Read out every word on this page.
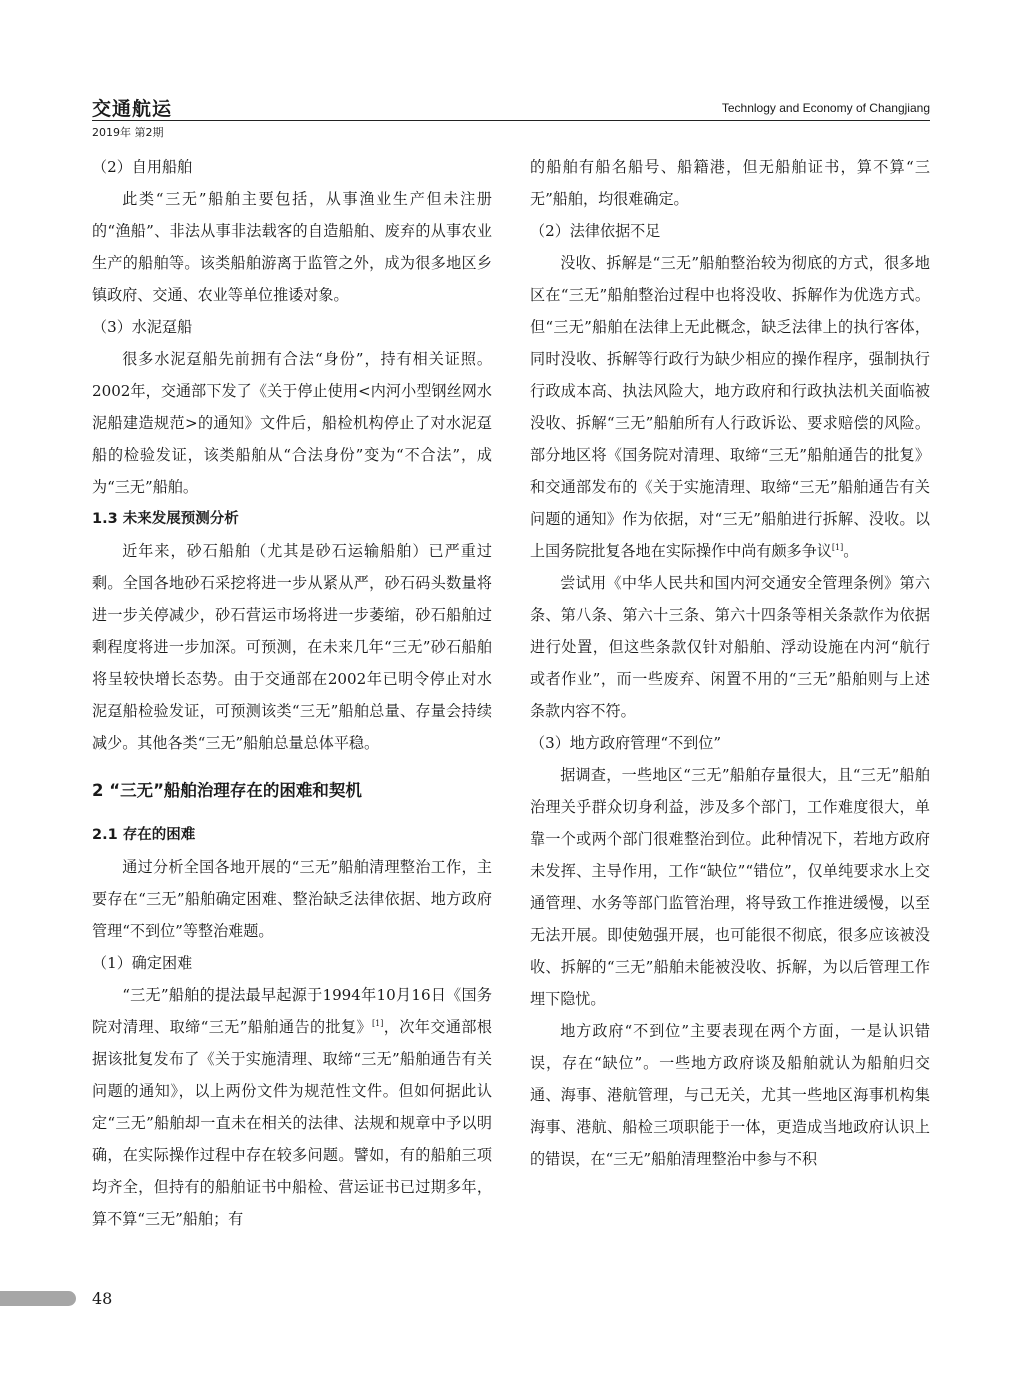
交通航运	Technlogy and Economy of Changjiang
2019年 第2期

（2）自用船舶

此类“三无”船舶主要包括，从事渔业生产但未注册的“渔船”、非法从事非法载客的自造船舶、废弃的从事农业生产的船舶等。该类船舶游离于监管之外，成为很多地区乡镇政府、交通、农业等单位推诿对象。

（3）水泥趸船

很多水泥趸船先前拥有合法“身份”，持有相关证照。2002年，交通部下发了《关于停止使用<内河小型钢丝网水泥船建造规范>的通知》文件后，船检机构停止了对水泥趸船的检验发证，该类船舶从“合法身份”变为“不合法”，成为“三无”船舶。

1.3 未来发展预测分析

近年来，砂石船舶（尤其是砂石运输船舶）已严重过剩。全国各地砂石采挖将进一步从紧从严，砂石码头数量将进一步关停减少，砂石营运市场将进一步萎缩，砂石船舶过剩程度将进一步加深。可预测，在未来几年“三无”砂石船舶将呈较快增长态势。由于交通部在2002年已明令停止对水泥趸船检验发证，可预测该类“三无”船舶总量、存量会持续减少。其他各类“三无”船舶总量总体平稳。

2 “三无”船舶治理存在的困难和契机

2.1 存在的困难

通过分析全国各地开展的“三无”船舶清理整治工作，主要存在“三无”船舶确定困难、整治缺乏法律依据、地方政府管理“不到位”等整治难题。

（1）确定困难

“三无”船舶的提法最早起源于1994年10月16日《国务院对清理、取缔“三无”船舶通告的批复》[1]，次年交通部根据该批复发布了《关于实施清理、取缔“三无”船舶通告有关问题的通知》，以上两份文件为规范性文件。但如何据此认定“三无”船舶却一直未在相关的法律、法规和规章中予以明确，在实际操作过程中存在较多问题。譬如，有的船舶三项均齐全，但持有的船舶证书中船检、营运证书已过期多年，算不算“三无”船舶；有

的船舶有船名船号、船籍港，但无船舶证书，算不算“三无”船舶，均很难确定。

（2）法律依据不足

没收、拆解是“三无”船舶整治较为彻底的方式，很多地区在“三无”船舶整治过程中也将没收、拆解作为优选方式。但“三无”船舶在法律上无此概念，缺乏法律上的执行客体，同时没收、拆解等行政行为缺少相应的操作程序，强制执行行政成本高、执法风险大，地方政府和行政执法机关面临被没收、拆解“三无”船舶所有人行政诉讼、要求赔偿的风险。部分地区将《国务院对清理、取缔“三无”船舶通告的批复》和交通部发布的《关于实施清理、取缔“三无”船舶通告有关问题的通知》作为依据，对“三无”船舶进行拆解、没收。以上国务院批复各地在实际操作中尚有颇多争议[1]。

尝试用《中华人民共和国内河交通安全管理条例》第六条、第八条、第六十三条、第六十四条等相关条款作为依据进行处置，但这些条款仅针对船舶、浮动设施在内河“航行或者作业”，而一些废弃、闲置不用的“三无”船舶则与上述条款内容不符。

（3）地方政府管理“不到位”

据调查，一些地区“三无”船舶存量很大，且“三无”船舶治理关乎群众切身利益，涉及多个部门，工作难度很大，单靠一个或两个部门很难整治到位。此种情况下，若地方政府未发挥、主导作用，工作“缺位”“错位”，仅单纯要求水上交通管理、水务等部门监管治理，将导致工作推进缓慢，以至无法开展。即使勉强开展，也可能很不彻底，很多应该被没收、拆解的“三无”船舶未能被没收、拆解，为以后管理工作埋下隐忧。

地方政府“不到位”主要表现在两个方面，一是认识错误，存在“缺位”。一些地方政府谈及船舶就认为船舶归交通、海事、港航管理，与己无关，尤其一些地区海事机构集海事、港航、船检三项职能于一体，更造成当地政府认识上的错误，在“三无”船舶清理整治中参与不积

48
